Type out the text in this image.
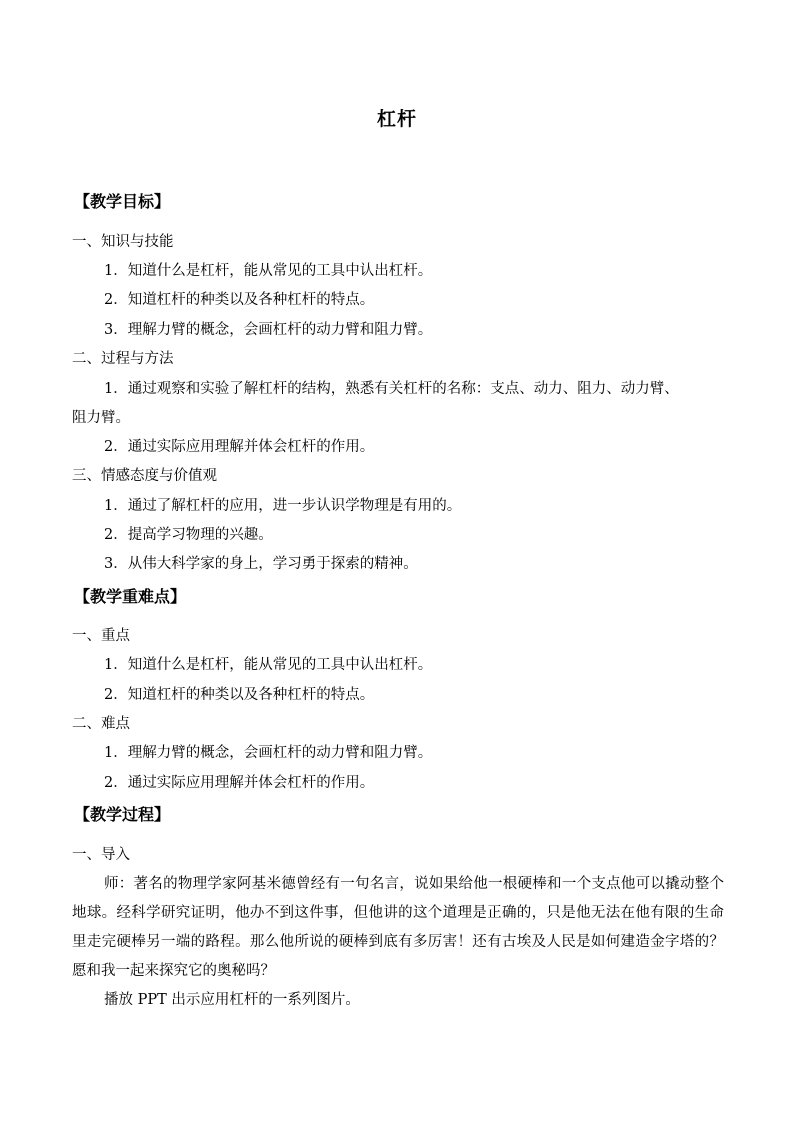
杠杆
【教学目标】
一、知识与技能
1．知道什么是杠杆，能从常见的工具中认出杠杆。
2．知道杠杆的种类以及各种杠杆的特点。
3．理解力臂的概念，会画杠杆的动力臂和阻力臂。
二、过程与方法
1．通过观察和实验了解杠杆的结构，熟悉有关杠杆的名称：支点、动力、阻力、动力臂、
阻力臂。
2．通过实际应用理解并体会杠杆的作用。
三、情感态度与价值观
1．通过了解杠杆的应用，进一步认识学物理是有用的。
2．提高学习物理的兴趣。
3．从伟大科学家的身上，学习勇于探索的精神。
【教学重难点】
一、重点
1．知道什么是杠杆，能从常见的工具中认出杠杆。
2．知道杠杆的种类以及各种杠杆的特点。
二、难点
1．理解力臂的概念，会画杠杆的动力臂和阻力臂。
2．通过实际应用理解并体会杠杆的作用。
【教学过程】
一、导入
师：著名的物理学家阿基米德曾经有一句名言，说如果给他一根硬棒和一个支点他可以撬动整个地球。经科学研究证明，他办不到这件事，但他讲的这个道理是正确的，只是他无法在他有限的生命里走完硬棒另一端的路程。那么他所说的硬棒到底有多厉害！还有古埃及人民是如何建造金字塔的？愿和我一起来探究它的奥秘吗？
播放 PPT 出示应用杠杆的一系列图片。
